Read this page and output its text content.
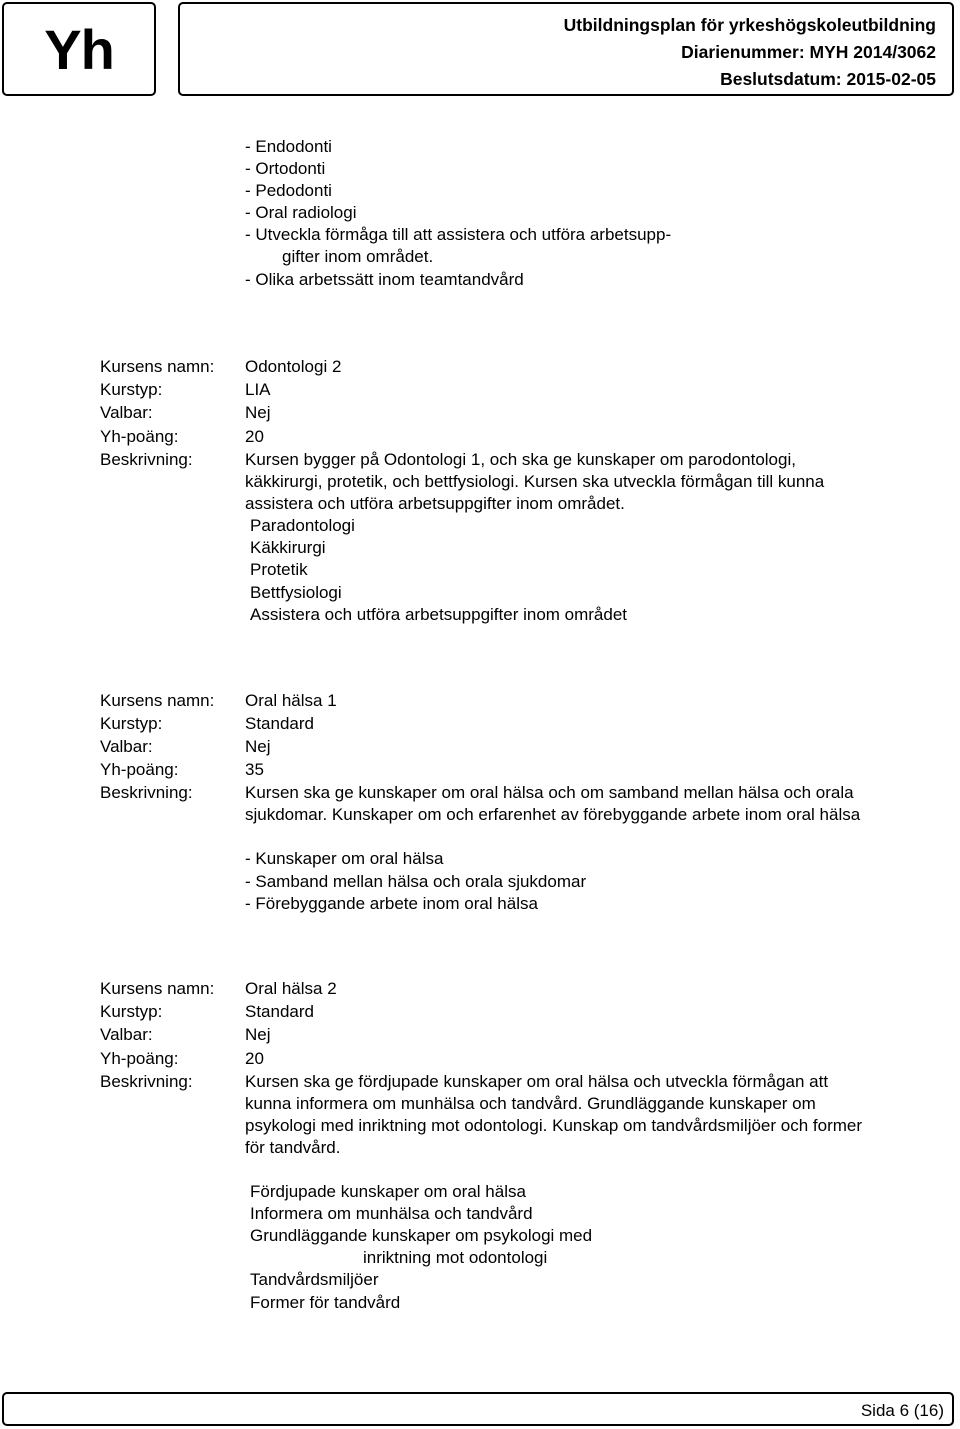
Yh	Utbildningsplan för yrkeshögskoleutbildning
Diarienummer: MYH 2014/3062
Beslutsdatum: 2015-02-05
- Endodonti
- Ortodonti
- Pedodonti
- Oral radiologi
- Utveckla förmåga till att assistera och utföra arbetsupp-
gifter inom området.
- Olika arbetssätt inom teamtandvård
Kursens namn: Odontologi 2
Kurstyp:	LIA
Valbar:	Nej
Yh-poäng:	20
Beskrivning:	Kursen bygger på Odontologi 1, och ska ge kunskaper om parodontologi,
käkkirurgi, protetik, och bettfysiologi. Kursen ska utveckla förmågan till kunna
assistera och utföra arbetsuppgifter inom området.
Paradontologi
Käkkirurgi
Protetik
Bettfysiologi
Assistera och utföra arbetsuppgifter inom området
Kursens namn: Oral hälsa 1
Kurstyp:	Standard
Valbar:	Nej
Yh-poäng:	35
Beskrivning:	Kursen ska ge kunskaper om oral hälsa och om samband mellan hälsa och orala
sjukdomar. Kunskaper om och erfarenhet av förebyggande arbete inom oral hälsa
- Kunskaper om oral hälsa
- Samband mellan hälsa och orala sjukdomar
- Förebyggande arbete inom oral hälsa
Kursens namn: Oral hälsa 2
Kurstyp:	Standard
Valbar:	Nej
Yh-poäng:	20
Beskrivning:	Kursen ska ge fördjupade kunskaper om oral hälsa och utveckla förmågan att
kunna informera om munhälsa och tandvård. Grundläggande kunskaper om
psykologi med inriktning mot odontologi. Kunskap om tandvårdsmiljöer och former
för tandvård.
Fördjupade kunskaper om oral hälsa
Informera om munhälsa och tandvård
Grundläggande kunskaper om psykologi med
inriktning mot odontologi
Tandvårdsmiljöer
Former för tandvård
Sida 6 (16)
